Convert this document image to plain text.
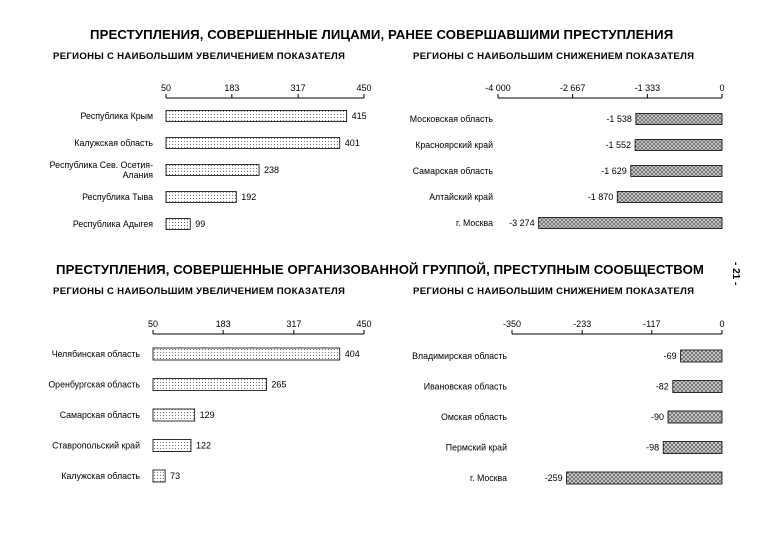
ПРЕСТУПЛЕНИЯ, СОВЕРШЕННЫЕ ЛИЦАМИ, РАНЕЕ СОВЕРШАВШИМИ ПРЕСТУПЛЕНИЯ
РЕГИОНЫ С НАИБОЛЬШИМ УВЕЛИЧЕНИЕМ ПОКАЗАТЕЛЯ	РЕГИОНЫ С НАИБОЛЬШИМ СНИЖЕНИЕМ ПОКАЗАТЕЛЯ
50	183	317	450
Республика Крым	415
Калужская область	401
Республика Сев. Осетия-Алания	238
Республика Тыва	192
Республика Адыгея	99
-4 000	-2 667	-1 333	0
Московская область	-1 538
Красноярский край	-1 552
Самарская область	-1 629
Алтайский край	-1 870
г. Москва -3 274
ПРЕСТУПЛЕНИЯ, СОВЕРШЕННЫЕ ОРГАНИЗОВАННОЙ ГРУППОЙ, ПРЕСТУПНЫМ СООБЩЕСТВОМ
РЕГИОНЫ С НАИБОЛЬШИМ УВЕЛИЧЕНИЕМ ПОКАЗАТЕЛЯ	РЕГИОНЫ С НАИБОЛЬШИМ СНИЖЕНИЕМ ПОКАЗАТЕЛЯ
50	183	317	450
Челябинская область	404
Оренбургская область	265
Самарская область	129
Ставропольский край	122
Калужская область	73
-350	-233	-117	0
Владимирская область	-69
Ивановская область	-82
Омская область	-90
Пермский край	-98
г. Москва	-259
- 21 -
